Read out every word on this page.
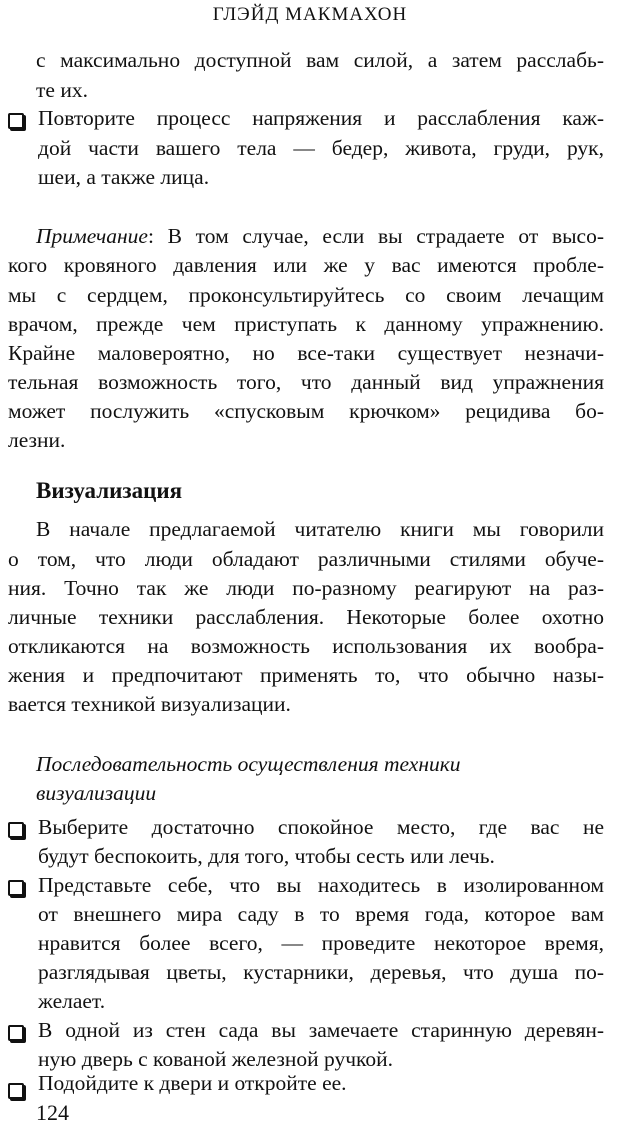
ГЛЭЙД МАКМАХОН
с максимально доступной вам силой, а затем расслабь-
те их.
Повторите процесс напряжения и расслабления каж-
дой части вашего тела — бедер, живота, груди, рук,
шеи, а также лица.
Примечание: В том случае, если вы страдаете от высо-
кого кровяного давления или же у вас имеются пробле-
мы с сердцем, проконсультируйтесь со своим лечащим
врачом, прежде чем приступать к данному упражнению.
Крайне маловероятно, но все-таки существует незначи-
тельная возможность того, что данный вид упражнения
может послужить «спусковым крючком» рецидива бо-
лезни.
Визуализация
В начале предлагаемой читателю книги мы говорили
о том, что люди обладают различными стилями обуче-
ния. Точно так же люди по-разному реагируют на раз-
личные техники расслабления. Некоторые более охотно
откликаются на возможность использования их вообра-
жения и предпочитают применять то, что обычно назы-
вается техникой визуализации.
Последовательность осуществления техники
визуализации
Выберите достаточно спокойное место, где вас не
будут беспокоить, для того, чтобы сесть или лечь.
Представьте себе, что вы находитесь в изолированном
от внешнего мира саду в то время года, которое вам
нравится более всего, — проведите некоторое время,
разглядывая цветы, кустарники, деревья, что душа по-
желает.
В одной из стен сада вы замечаете старинную деревян-
ную дверь с кованой железной ручкой.
Подойдите к двери и откройте ее.
124
